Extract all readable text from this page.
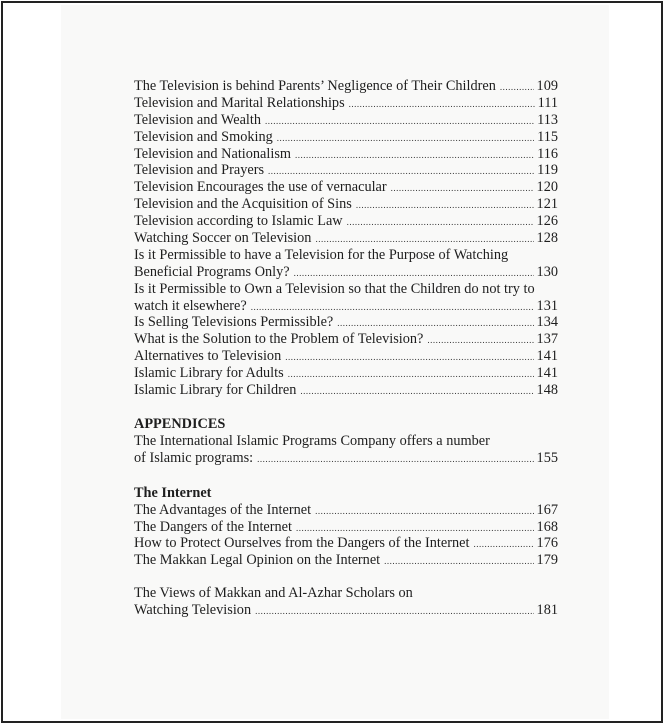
The Television is behind Parents’ Negligence of Their Children .....	109
Television and Marital Relationships .....	111
Television and Wealth .....	113
Television and Smoking .....	115
Television and Nationalism .....	116
Television and Prayers .....	119
Television Encourages the use of vernacular .....	120
Television and the Acquisition of Sins .....	121
Television according to Islamic Law .....	126
Watching Soccer on Television .....	128
Is it Permissible to have a Television for the Purpose of Watching
Beneficial Programs Only? .....	130
Is it Permissible to Own a Television so that the Children do not try to
watch it elsewhere? .....	131
Is Selling Televisions Permissible? .....	134
What is the Solution to the Problem of Television? .....	137
Alternatives to Television .....	141
Islamic Library for Adults .....	141
Islamic Library for Children .....	148
APPENDICES
The International Islamic Programs Company offers a number
of Islamic programs: .....	155
The Internet
The Advantages of the Internet .....	167
The Dangers of the Internet .....	168
How to Protect Ourselves from the Dangers of the Internet .....	176
The Makkan Legal Opinion on the Internet .....	179
The Views of Makkan and Al-Azhar Scholars on
Watching Television .....	181
